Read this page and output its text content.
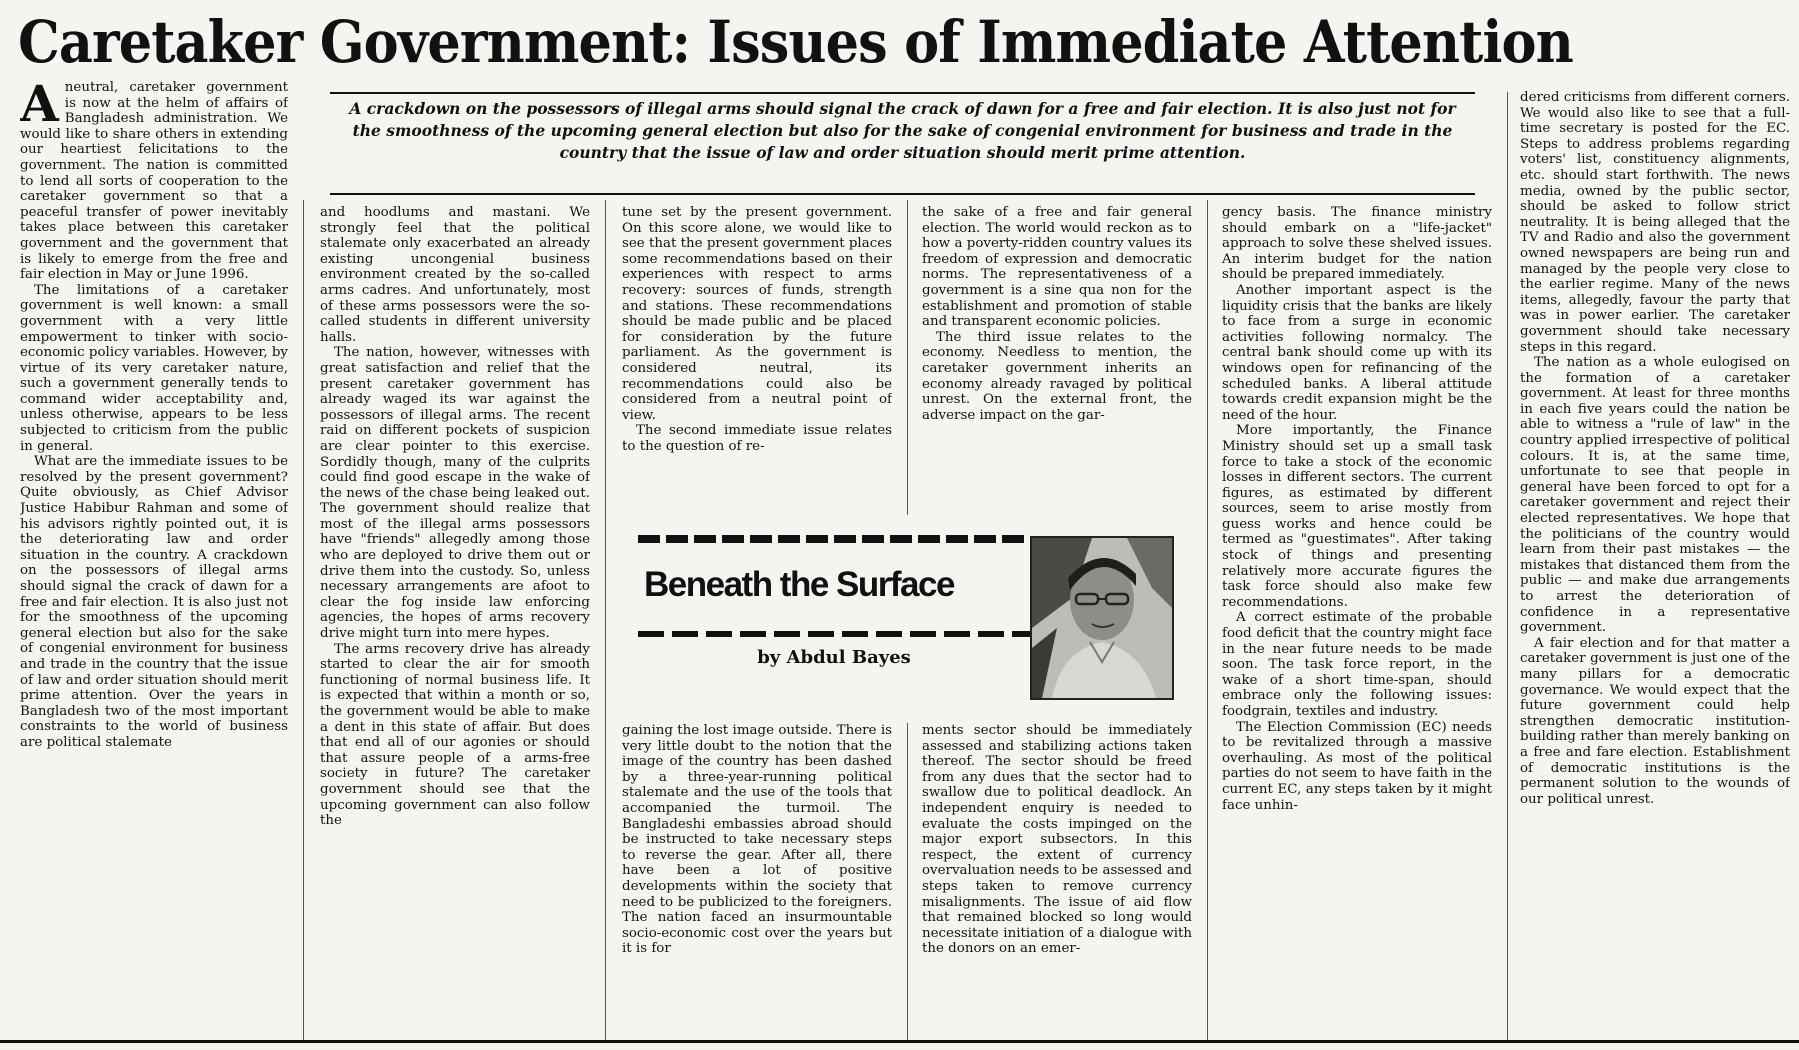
Caretaker Government: Issues of Immediate Attention

A crackdown on the possessors of illegal arms should signal the crack of dawn for a free and fair election. It is also just not for the smoothness of the upcoming general election but also for the sake of congenial environment for business and trade in the country that the issue of law and order situation should merit prime attention.

A neutral, caretaker government is now at the helm of affairs of Bangladesh administration. We would like to share others in extending our heartiest felicitations to the government. The nation is committed to lend all sorts of cooperation to the caretaker government so that a peaceful transfer of power inevitably takes place between this caretaker government and the government that is likely to emerge from the free and fair election in May or June 1996.

The limitations of a caretaker government is well known: a small government with a very little empowerment to tinker with socio-economic policy variables. However, by virtue of its very caretaker nature, such a government generally tends to command wider acceptability and, unless otherwise, appears to be less subjected to criticism from the public in general.

What are the immediate issues to be resolved by the present government? Quite obviously, as Chief Advisor Justice Habibur Rahman and some of his advisors rightly pointed out, it is the deteriorating law and order situation in the country. A crackdown on the possessors of illegal arms should signal the crack of dawn for a free and fair election. It is also just not for the smoothness of the upcoming general election but also for the sake of congenial environment for business and trade in the country that the issue of law and order situation should merit prime attention. Over the years in Bangladesh two of the most important constraints to the world of business are political stalemate

and hoodlums and mastani. We strongly feel that the political stalemate only exacerbated an already existing uncongenial business environment created by the so-called arms cadres. And unfortunately, most of these arms possessors were the so-called students in different university halls.

The nation, however, witnesses with great satisfaction and relief that the present caretaker government has already waged its war against the possessors of illegal arms. The recent raid on different pockets of suspicion are clear pointer to this exercise. Sordidly though, many of the culprits could find good escape in the wake of the news of the chase being leaked out. The government should realize that most of the illegal arms possessors have "friends" allegedly among those who are deployed to drive them out or drive them into the custody. So, unless necessary arrangements are afoot to clear the fog inside law enforcing agencies, the hopes of arms recovery drive might turn into mere hypes.

The arms recovery drive has already started to clear the air for smooth functioning of normal business life. It is expected that within a month or so, the government would be able to make a dent in this state of affair. But does that end all of our agonies or should that assure people of a arms-free society in future? The caretaker government should see that the upcoming government can also follow the

tune set by the present government. On this score alone, we would like to see that the present government places some recommendations based on their experiences with respect to arms recovery: sources of funds, strength and stations. These recommendations should be made public and be placed for consideration by the future parliament. As the government is considered neutral, its recommendations could also be considered from a neutral point of view.

The second immediate issue relates to the question of re-

the sake of a free and fair general election. The world would reckon as to how a poverty-ridden country values its freedom of expression and democratic norms. The representativeness of a government is a sine qua non for the establishment and promotion of stable and transparent economic policies.

The third issue relates to the economy. Needless to mention, the caretaker government inherits an economy already ravaged by political unrest. On the external front, the adverse impact on the gar-

Beneath the Surface
by Abdul Bayes

gaining the lost image outside. There is very little doubt to the notion that the image of the country has been dashed by a three-year-running political stalemate and the use of the tools that accompanied the turmoil. The Bangladeshi embassies abroad should be instructed to take necessary steps to reverse the gear. After all, there have been a lot of positive developments within the society that need to be publicized to the foreigners. The nation faced an insurmountable socio-economic cost over the years but it is for

ments sector should be immediately assessed and stabilizing actions taken thereof. The sector should be freed from any dues that the sector had to swallow due to political deadlock. An independent enquiry is needed to evaluate the costs impinged on the major export subsectors. In this respect, the extent of currency overvaluation needs to be assessed and steps taken to remove currency misalignments. The issue of aid flow that remained blocked so long would necessitate initiation of a dialogue with the donors on an emer-

gency basis. The finance ministry should embark on a "life-jacket" approach to solve these shelved issues. An interim budget for the nation should be prepared immediately.

Another important aspect is the liquidity crisis that the banks are likely to face from a surge in economic activities following normalcy. The central bank should come up with its windows open for refinancing of the scheduled banks. A liberal attitude towards credit expansion might be the need of the hour.

More importantly, the Finance Ministry should set up a small task force to take a stock of the economic losses in different sectors. The current figures, as estimated by different sources, seem to arise mostly from guess works and hence could be termed as "guestimates". After taking stock of things and presenting relatively more accurate figures the task force should also make few recommendations.

A correct estimate of the probable food deficit that the country might face in the near future needs to be made soon. The task force report, in the wake of a short time-span, should embrace only the following issues: foodgrain, textiles and industry.

The Election Commission (EC) needs to be revitalized through a massive overhauling. As most of the political parties do not seem to have faith in the current EC, any steps taken by it might face unhin-

dered criticisms from different corners. We would also like to see that a full-time secretary is posted for the EC. Steps to address problems regarding voters' list, constituency alignments, etc. should start forthwith. The news media, owned by the public sector, should be asked to follow strict neutrality. It is being alleged that the TV and Radio and also the government owned newspapers are being run and managed by the people very close to the earlier regime. Many of the news items, allegedly, favour the party that was in power earlier. The caretaker government should take necessary steps in this regard.

The nation as a whole eulogised on the formation of a caretaker government. At least for three months in each five years could the nation be able to witness a "rule of law" in the country applied irrespective of political colours. It is, at the same time, unfortunate to see that people in general have been forced to opt for a caretaker government and reject their elected representatives. We hope that the politicians of the country would learn from their past mistakes — the mistakes that distanced them from the public — and make due arrangements to arrest the deterioration of confidence in a representative government.

A fair election and for that matter a caretaker government is just one of the many pillars for a democratic governance. We would expect that the future government could help strengthen democratic institution-building rather than merely banking on a free and fare election. Establishment of democratic institutions is the permanent solution to the wounds of our political unrest.
